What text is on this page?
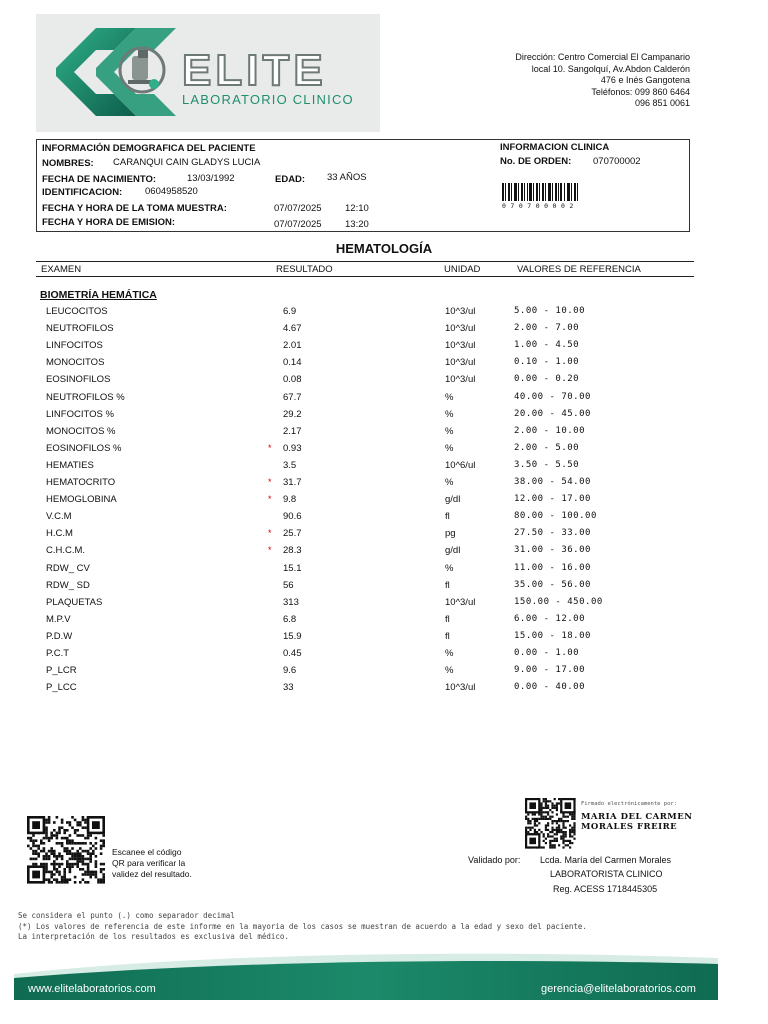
ELITE
LABORATORIO CLINICO
Dirección: Centro Comercial El Campanario
local 10. Sangolquí, Av.Abdon Calderón
476 e Inés Gangotena
Teléfonos: 099 860 6464
096 851 0061
INFORMACIÓN DEMOGRAFICA DEL PACIENTE
NOMBRES: CARANQUI CAIN GLADYS LUCIA
FECHA DE NACIMIENTO:	13/03/1992	EDAD: 33 AÑOS
IDENTIFICACION: 0604958520
FECHA Y HORA DE LA TOMA MUESTRA:	07/07/2025 12:10
FECHA Y HORA DE EMISION:	07/07/2025 13:20
INFORMACION CLINICA
No. DE ORDEN: 070700002
0 7 0 7 0 0 0 0 2
HEMATOLOGÍA
EXAMEN	RESULTADO	UNIDAD	VALORES DE REFERENCIA
BIOMETRÍA HEMÁTICA
LEUCOCITOS	6.9	10^3/ul	5.00 - 10.00
NEUTROFILOS	4.67	10^3/ul	2.00 - 7.00
LINFOCITOS	2.01	10^3/ul	1.00 - 4.50
MONOCITOS	0.14	10^3/ul	0.10 - 1.00
EOSINOFILOS	0.08	10^3/ul	0.00 - 0.20
NEUTROFILOS %	67.7	%	40.00 - 70.00
LINFOCITOS %	29.2	%	20.00 - 45.00
MONOCITOS %	2.17	%	2.00 - 10.00
EOSINOFILOS %	* 0.93	%	2.00 - 5.00
HEMATIES	3.5	10^6/ul	3.50 - 5.50
HEMATOCRITO	* 31.7	%	38.00 - 54.00
HEMOGLOBINA	* 9.8	g/dl	12.00 - 17.00
V.C.M	90.6	fl	80.00 - 100.00
H.C.M	* 25.7	pg	27.50 - 33.00
C.H.C.M.	* 28.3	g/dl	31.00 - 36.00
RDW_ CV	15.1	%	11.00 - 16.00
RDW_ SD	56	fl	35.00 - 56.00
PLAQUETAS	313	10^3/ul	150.00 - 450.00
M.P.V	6.8	fl	6.00 - 12.00
P.D.W	15.9	fl	15.00 - 18.00
P.C.T	0.45	%	0.00 - 1.00
P_LCR	9.6	%	9.00 - 17.00
P_LCC	33	10^3/ul	0.00 - 40.00
Escanee el código
QR para verificar la
validez del resultado.
Firmado electrónicamente por:
MARIA DEL CARMEN
MORALES FREIRE
Validado por: Lcda. María del Carmen Morales
LABORATORISTA CLINICO
Reg. ACESS 1718445305
Se considera el punto (.) como separador decimal
(*) Los valores de referencia de este informe en la mayoria de los casos se muestran de acuerdo a la edad y sexo del paciente.
La interpretación de los resultados es exclusiva del médico.
www.elitelaboratorios.com	gerencia@elitelaboratorios.com
